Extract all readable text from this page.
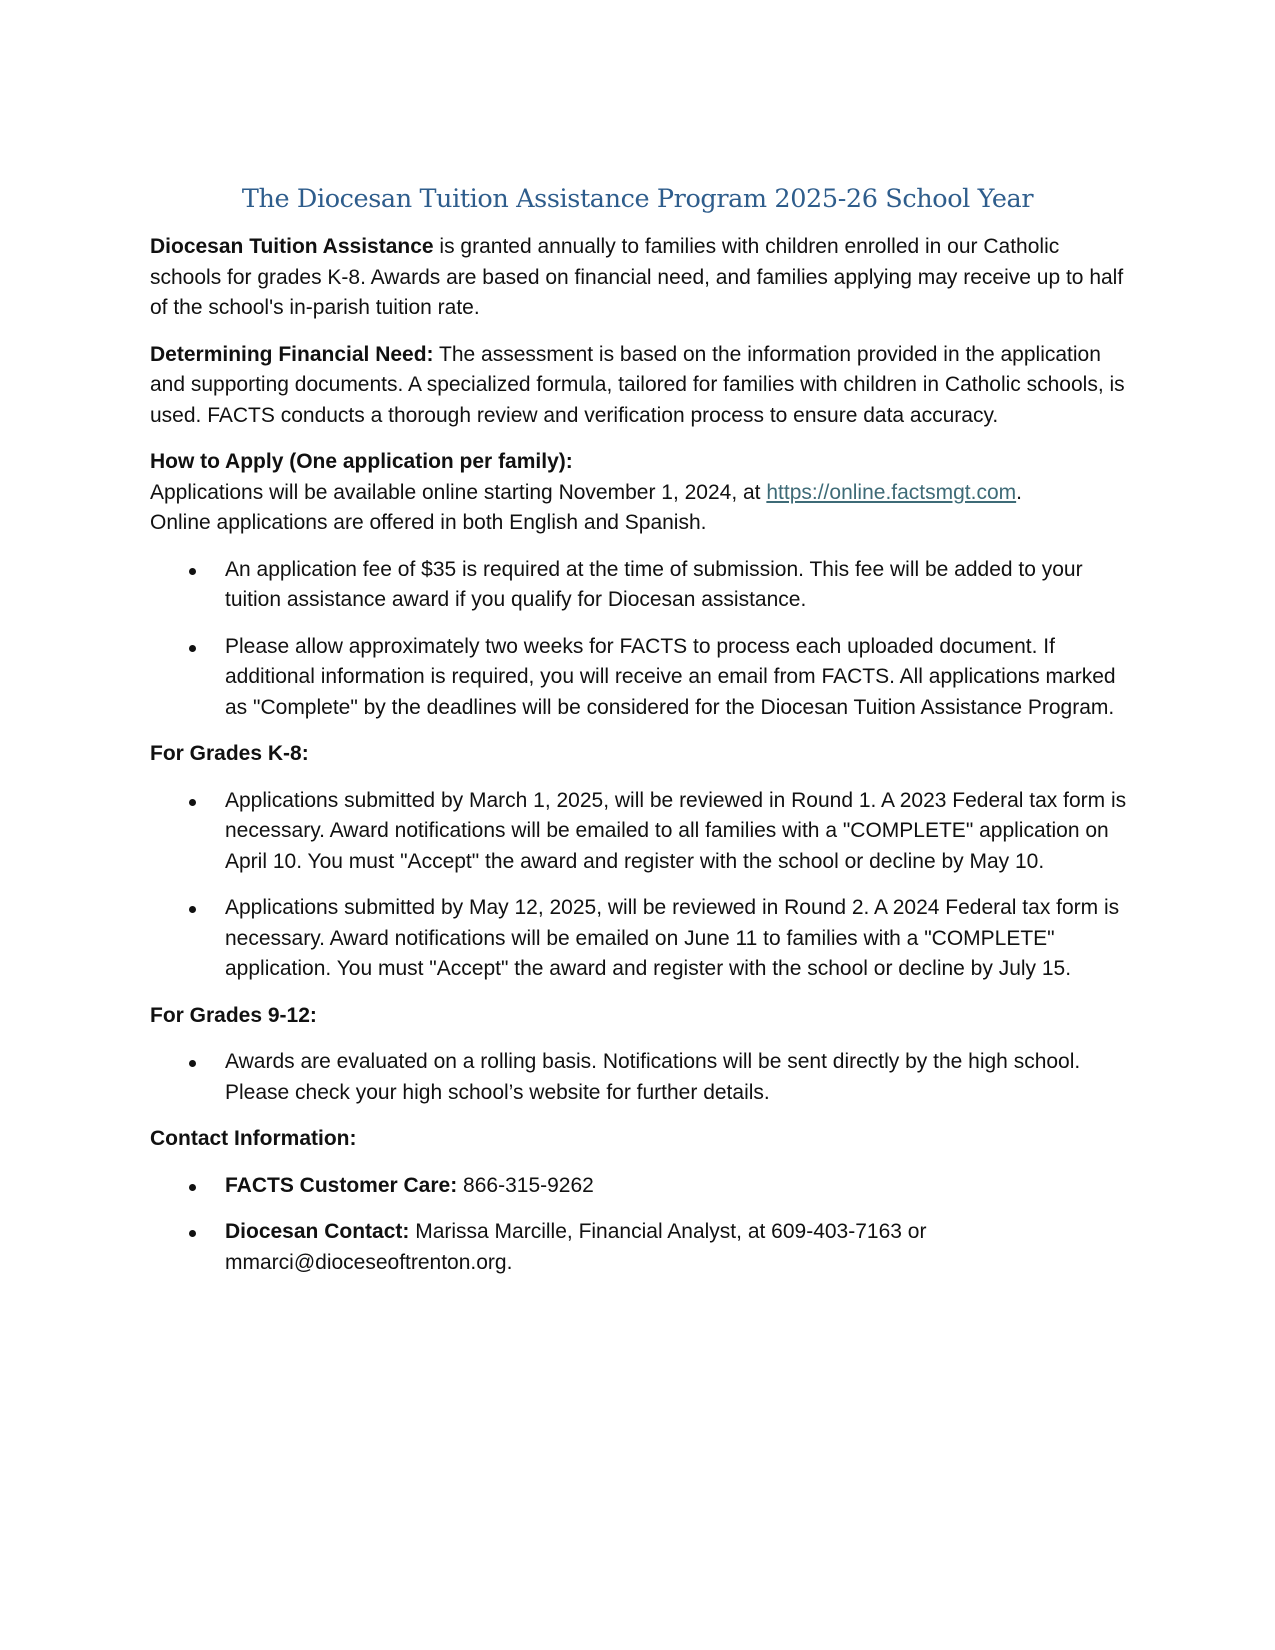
The Diocesan Tuition Assistance Program 2025-26 School Year

Diocesan Tuition Assistance is granted annually to families with children enrolled in our Catholic schools for grades K-8. Awards are based on financial need, and families applying may receive up to half of the school's in-parish tuition rate.

Determining Financial Need: The assessment is based on the information provided in the application and supporting documents. A specialized formula, tailored for families with children in Catholic schools, is used. FACTS conducts a thorough review and verification process to ensure data accuracy.

How to Apply (One application per family):
Applications will be available online starting November 1, 2024, at https://online.factsmgt.com.
Online applications are offered in both English and Spanish.
An application fee of $35 is required at the time of submission. This fee will be added to your tuition assistance award if you qualify for Diocesan assistance.
Please allow approximately two weeks for FACTS to process each uploaded document. If additional information is required, you will receive an email from FACTS. All applications marked as "Complete" by the deadlines will be considered for the Diocesan Tuition Assistance Program.
For Grades K-8:
Applications submitted by March 1, 2025, will be reviewed in Round 1. A 2023 Federal tax form is necessary. Award notifications will be emailed to all families with a "COMPLETE" application on April 10. You must "Accept" the award and register with the school or decline by May 10.
Applications submitted by May 12, 2025, will be reviewed in Round 2. A 2024 Federal tax form is necessary. Award notifications will be emailed on June 11 to families with a "COMPLETE" application. You must "Accept" the award and register with the school or decline by July 15.
For Grades 9-12:
Awards are evaluated on a rolling basis. Notifications will be sent directly by the high school. Please check your high school’s website for further details.
Contact Information:
FACTS Customer Care: 866-315-9262
Diocesan Contact: Marissa Marcille, Financial Analyst, at 609-403-7163 or mmarci@dioceseoftrenton.org.
